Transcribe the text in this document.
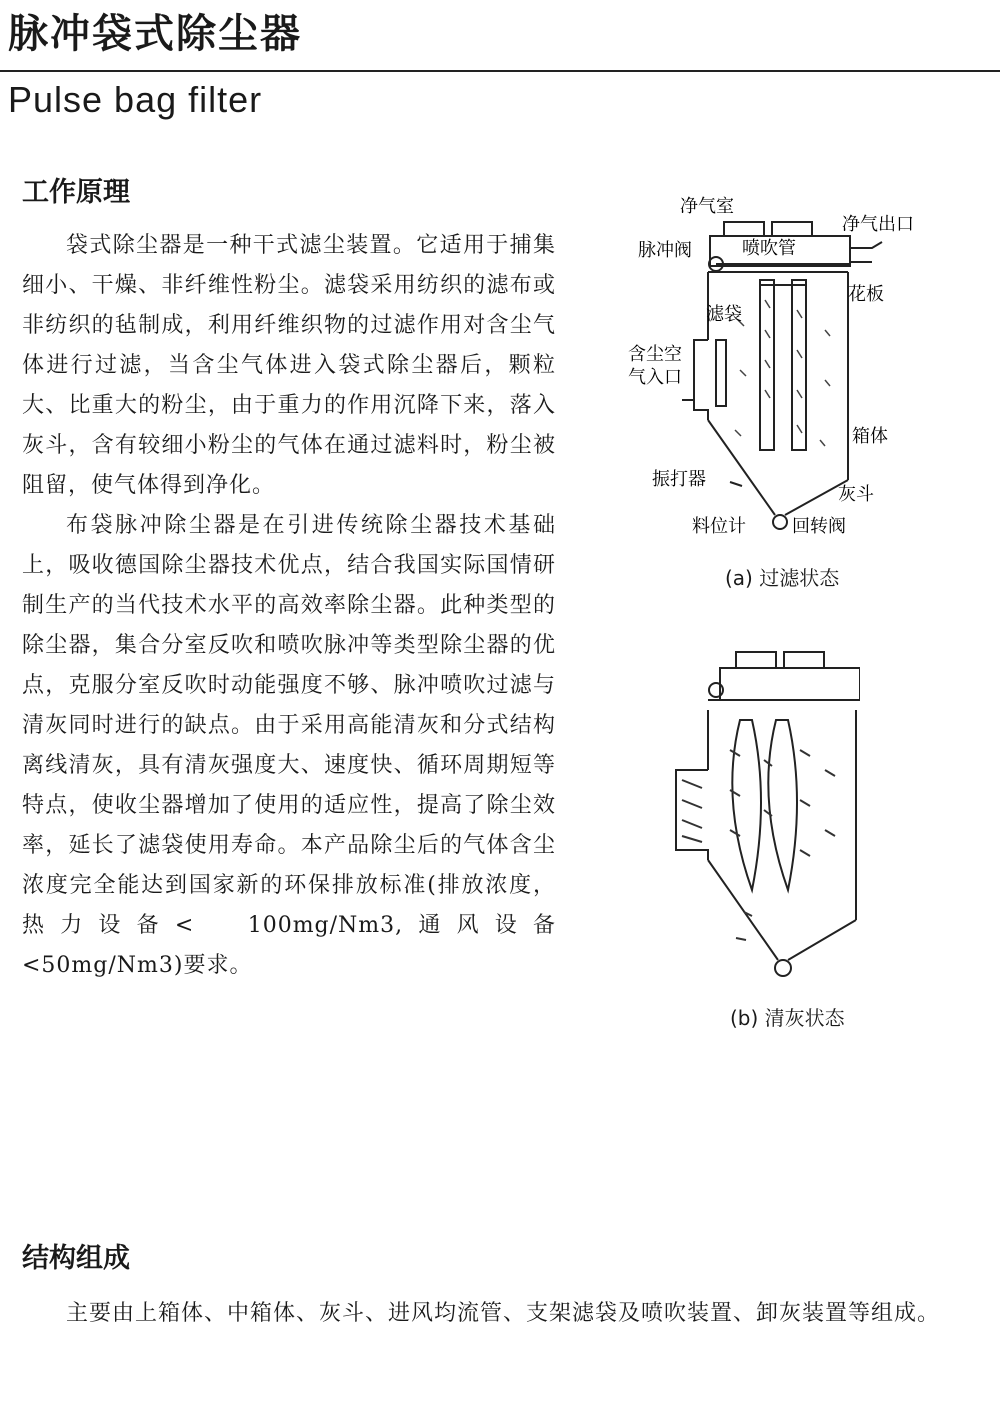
脉冲袋式除尘器
Pulse bag filter
工作原理

袋式除尘器是一种干式滤尘装置。它适用于捕集细小、干燥、非纤维性粉尘。滤袋采用纺织的滤布或非纺织的毡制成，利用纤维织物的过滤作用对含尘气体进行过滤，当含尘气体进入袋式除尘器后，颗粒大、比重大的粉尘，由于重力的作用沉降下来，落入灰斗，含有较细小粉尘的气体在通过滤料时，粉尘被阻留，使气体得到净化。

布袋脉冲除尘器是在引进传统除尘器技术基础上，吸收德国除尘器技术优点，结合我国实际国情研制生产的当代技术水平的高效率除尘器。此种类型的除尘器，集合分室反吹和喷吹脉冲等类型除尘器的优点，克服分室反吹时动能强度不够、脉冲喷吹过滤与清灰同时进行的缺点。由于采用高能清灰和分式结构离线清灰，具有清灰强度大、速度快、循环周期短等特点，使收尘器增加了使用的适应性，提高了除尘效率，延长了滤袋使用寿命。本产品除尘后的气体含尘浓度完全能达到国家新的环保排放标准(排放浓度，热力设备<　100mg/Nm3,通风设备<50mg/Nm3)要求。

净气室
净气出口
脉冲阀	喷吹管
花板
滤袋
含尘空
气入口
箱体
振打器
灰斗
料位计	回转阀
(a) 过滤状态
(b) 清灰状态
结构组成

主要由上箱体、中箱体、灰斗、进风均流管、支架滤袋及喷吹装置、卸灰装置等组成。
